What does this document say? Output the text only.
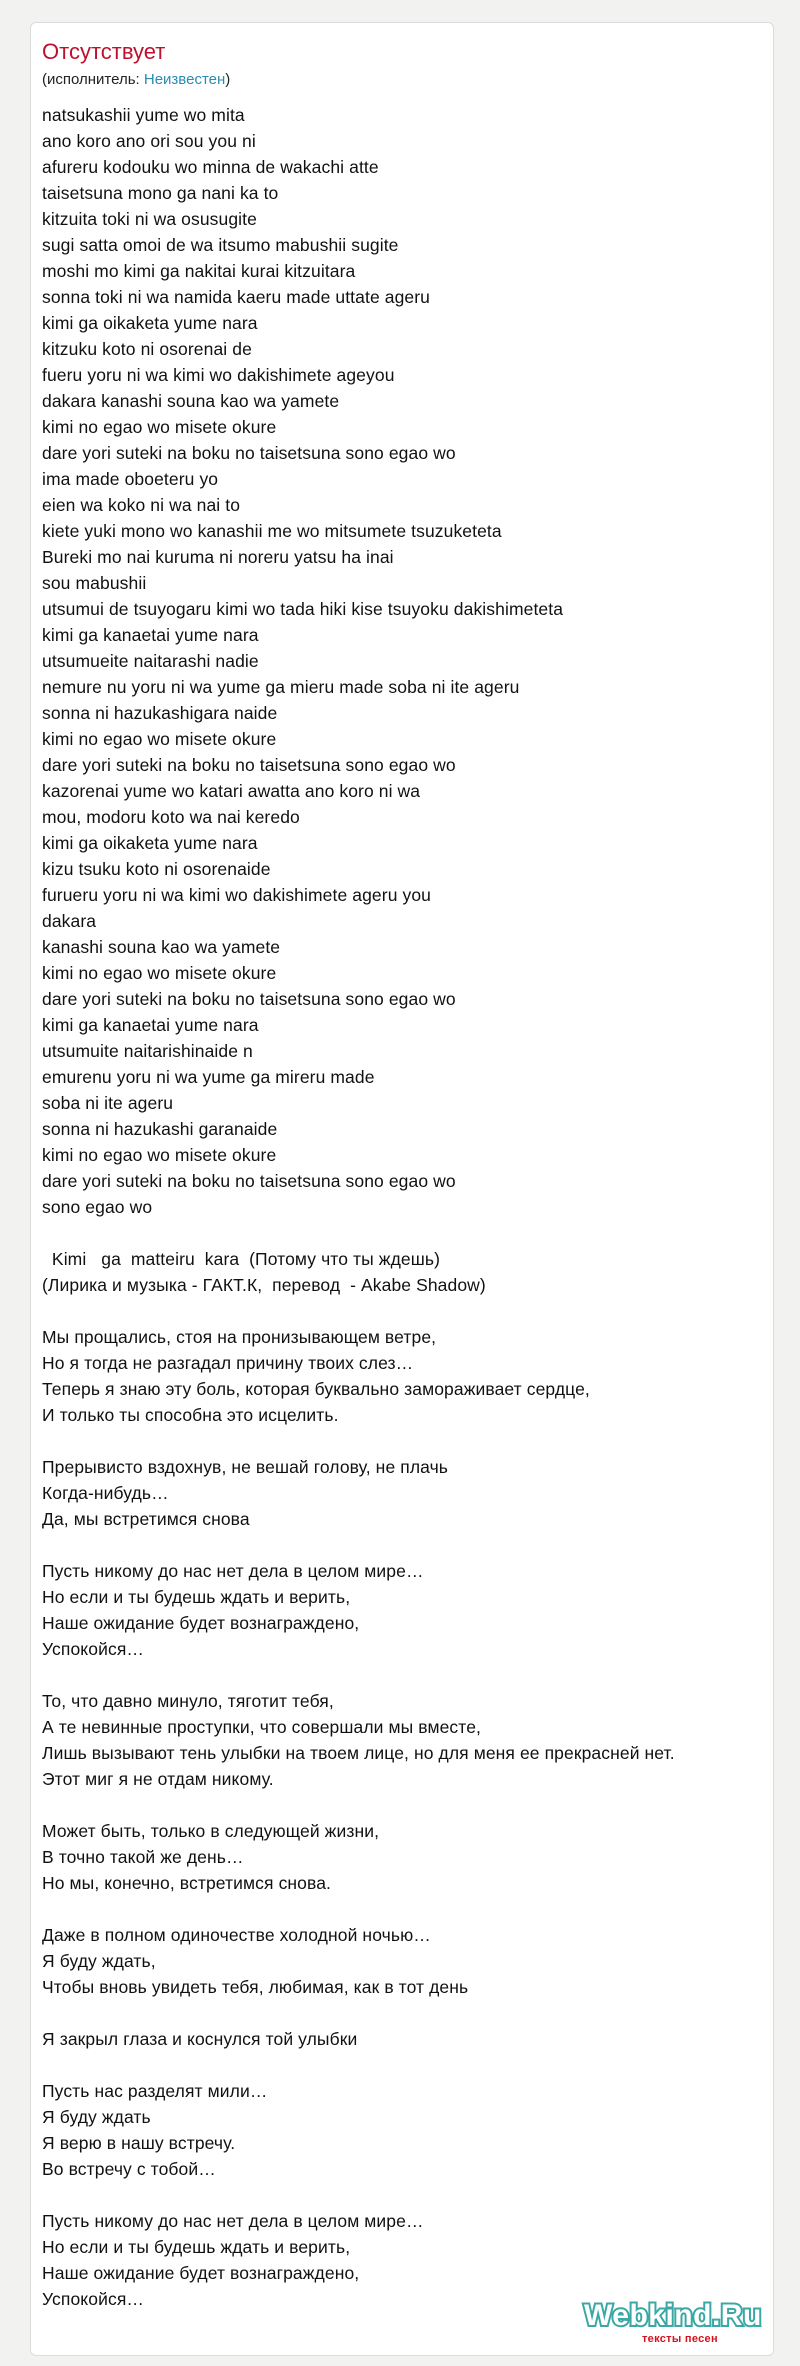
Отсутствует
(исполнитель: Неизвестен)
natsukashii yume wo mita
ano koro ano ori sou you ni
afureru kodouku wo minna de wakachi atte
taisetsuna mono ga nani ka to
kitzuita toki ni wa osusugite
sugi satta omoi de wa itsumo mabushii sugite
moshi mo kimi ga nakitai kurai kitzuitara
sonna toki ni wa namida kaeru made uttate ageru
kimi ga oikaketa yume nara
kitzuku koto ni osorenai de
fueru yoru ni wa kimi wo dakishimete ageyou
dakara kanashi souna kao wa yamete
kimi no egao wo misete okure
dare yori suteki na boku no taisetsuna sono egao wo
ima made oboeteru yo
eien wa koko ni wa nai to
kiete yuki mono wo kanashii me wo mitsumete tsuzuketeta
Bureki mo nai kuruma ni noreru yatsu ha inai
sou mabushii
utsumui de tsuyogaru kimi wo tada hiki kise tsuyoku dakishimeteta
kimi ga kanaetai yume nara
utsumueite naitarashi nadie
nemure nu yoru ni wa yume ga mieru made soba ni ite ageru
sonna ni hazukashigara naide
kimi no egao wo misete okure
dare yori suteki na boku no taisetsuna sono egao wo
kazorenai yume wo katari awatta ano koro ni wa
mou, modoru koto wa nai keredo
kimi ga oikaketa yume nara
kizu tsuku koto ni osorenaide
furueru yoru ni wa kimi wo dakishimete ageru you
dakara
kanashi souna kao wa yamete
kimi no egao wo misete okure
dare yori suteki na boku no taisetsuna sono egao wo
kimi ga kanaetai yume nara
utsumuite naitarishinaide n
emurenu yoru ni wa yume ga mireru made
soba ni ite ageru
sonna ni hazukashi garanaide
kimi no egao wo misete okure
dare yori suteki na boku no taisetsuna sono egao wo
sono egao wo
Kimi   ga  matteiru  kara  (Потому что ты ждешь)
(Лирика и музыка - ГАКТ.К,  перевод  - Akabe Shadow)
Мы прощались, стоя на пронизывающем ветре,
Но я тогда не разгадал причину твоих слез…
Теперь я знаю эту боль, которая буквально замораживает сердце,
И только ты способна это исцелить.
Прерывисто вздохнув, не вешай голову, не плачь
Когда-нибудь…
Да, мы встретимся снова
Пусть никому до нас нет дела в целом мире…
Но если и ты будешь ждать и верить,
Наше ожидание будет вознаграждено,
Успокойся…
То, что давно минуло, тяготит тебя,
А те невинные проступки, что совершали мы вместе,
Лишь вызывают тень улыбки на твоем лице, но для меня ее прекрасней нет.
Этот миг я не отдам никому.
Может быть, только в следующей жизни,
В точно такой же день…
Но мы, конечно, встретимся снова.
Даже в полном одиночестве холодной ночью…
Я буду ждать,
Чтобы вновь увидеть тебя, любимая, как в тот день
Я закрыл глаза и коснулся той улыбки
Пусть нас разделят мили…
Я буду ждать
Я верю в нашу встречу.
Во встречу с тобой…
Пусть никому до нас нет дела в целом мире…
Но если и ты будешь ждать и верить,
Наше ожидание будет вознаграждено,
Успокойся…	Webkind.Ru
тексты песен
